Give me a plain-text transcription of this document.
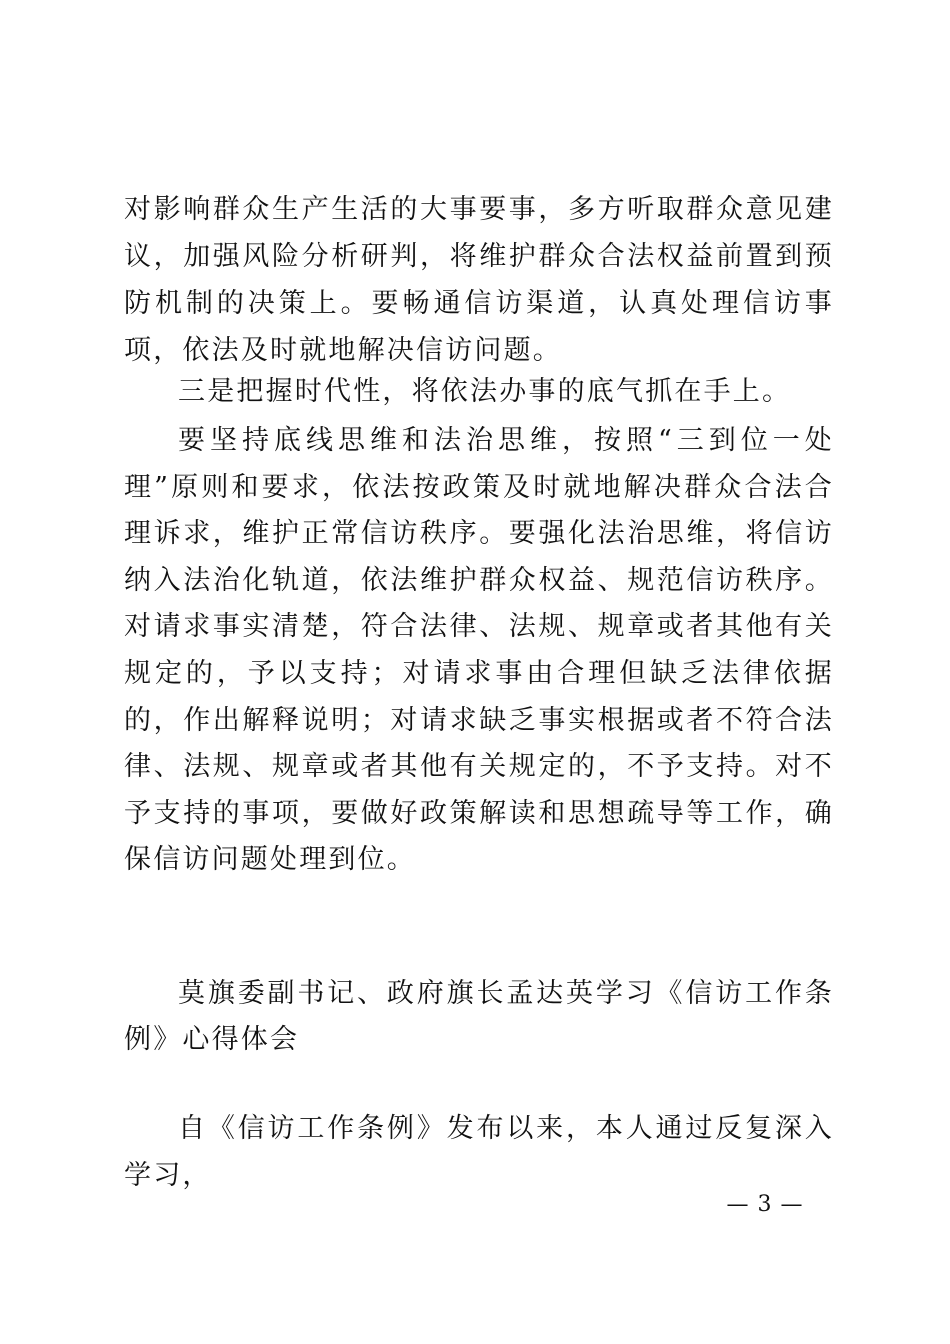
对影响群众生产生活的大事要事，多方听取群众意见建议，加强风险分析研判，将维护群众合法权益前置到预防机制的决策上。要畅通信访渠道，认真处理信访事项，依法及时就地解决信访问题。
三是把握时代性，将依法办事的底气抓在手上。
要坚持底线思维和法治思维，按照“三到位一处理”原则和要求，依法按政策及时就地解决群众合法合理诉求，维护正常信访秩序。要强化法治思维，将信访纳入法治化轨道，依法维护群众权益、规范信访秩序。对请求事实清楚，符合法律、法规、规章或者其他有关规定的，予以支持；对请求事由合理但缺乏法律依据的，作出解释说明；对请求缺乏事实根据或者不符合法律、法规、规章或者其他有关规定的，不予支持。对不予支持的事项，要做好政策解读和思想疏导等工作，确保信访问题处理到位。
莫旗委副书记、政府旗长孟达英学习《信访工作条例》心得体会
自《信访工作条例》发布以来，本人通过反复深入学习，
— 3 —
